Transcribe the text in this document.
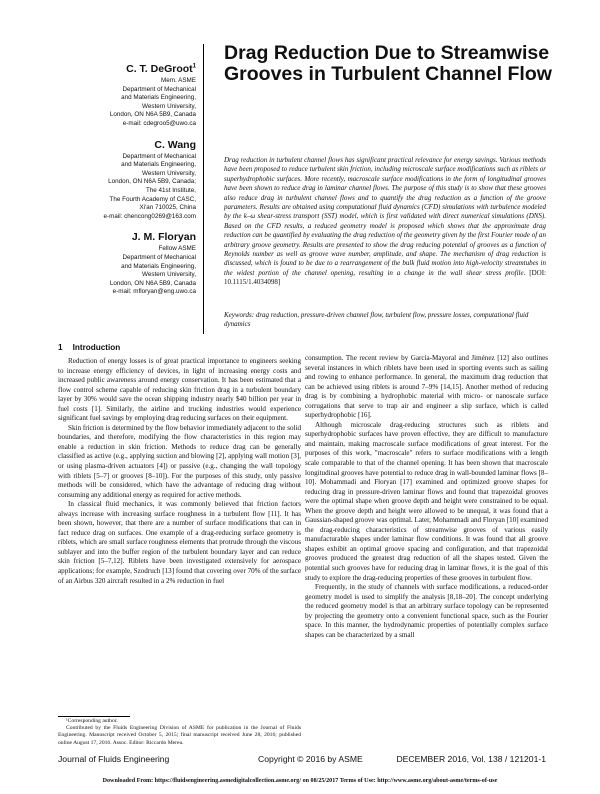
C. T. DeGroot$^1$

Mem. ASME
Department of Mechanical
and Materials Engineering,
Western University,
London, ON N6A 5B9, Canada
e-mail: cdegroo5@uwo.ca

C. Wang

Department of Mechanical
and Materials Engineering,
Western University,
London, ON N6A 5B9, Canada;
The 41st Institute,
The Fourth Academy of CASC,
Xi'an 710025, China
e-mail: chencong0269@163.com

J. M. Floryan

Fellow ASME
Department of Mechanical
and Materials Engineering,
Western University,
London, ON N6A 5B9, Canada
e-mail: mfloryan@eng.uwo.ca

Drag Reduction Due to Streamwise Grooves in Turbulent Channel Flow

Drag reduction in turbulent channel flows has significant practical relevance for energy savings. Various methods have been proposed to reduce turbulent skin friction, including microscale surface modifications such as riblets or superhydrophobic surfaces. More recently, macroscale surface modifications in the form of longitudinal grooves have been shown to reduce drag in laminar channel flows. The purpose of this study is to show that these grooves also reduce drag in turbulent channel flows and to quantify the drag reduction as a function of the groove parameters. Results are obtained using computational fluid dynamics (CFD) simulations with turbulence modeled by the k–ω shear-stress transport (SST) model, which is first validated with direct numerical simulations (DNS). Based on the CFD results, a reduced geometry model is proposed which shows that the approximate drag reduction can be quantified by evaluating the drag reduction of the geometry given by the first Fourier mode of an arbitrary groove geometry. Results are presented to show the drag reducing potential of grooves as a function of Reynolds number as well as groove wave number, amplitude, and shape. The mechanism of drag reduction is discussed, which is found to be due to a rearrangement of the bulk fluid motion into high-velocity streamtubes in the widest portion of the channel opening, resulting in a change in the wall shear stress profile. [DOI: 10.1115/1.4034098]

Keywords: drag reduction, pressure-driven channel flow, turbulent flow, pressure losses, computational fluid dynamics

1 Introduction

Reduction of energy losses is of great practical importance to engineers seeking to increase energy efficiency of devices, in light of increasing energy costs and increased public awareness around energy conservation. It has been estimated that a flow control scheme capable of reducing skin friction drag in a turbulent boundary layer by 30% would save the ocean shipping industry nearly $40 billion per year in fuel costs [1]. Similarly, the airline and trucking industries would experience significant fuel savings by employing drag reducing surfaces on their equipment.

Skin friction is determined by the flow behavior immediately adjacent to the solid boundaries, and therefore, modifying the flow characteristics in this region may enable a reduction in skin friction. Methods to reduce drag can be generally classified as active (e.g., applying suction and blowing [2], applying wall motion [3], or using plasma-driven actuators [4]) or passive (e.g., changing the wall topology with riblets [5–7] or grooves [8–10]). For the purposes of this study, only passive methods will be considered, which have the advantage of reducing drag without consuming any additional energy as required for active methods.

In classical fluid mechanics, it was commonly believed that friction factors always increase with increasing surface roughness in a turbulent flow [11]. It has been shown, however, that there are a number of surface modifications that can in fact reduce drag on surfaces. One example of a drag-reducing surface geometry is riblets, which are small surface roughness elements that protrude through the viscous sublayer and into the buffer region of the turbulent boundary layer and can reduce skin friction [5–7,12]. Riblets have been investigated extensively for aerospace applications; for example, Szodruch [13] found that covering over 70% of the surface of an Airbus 320 aircraft resulted in a 2% reduction in fuel

consumption. The recent review by García-Mayoral and Jiménez [12] also outlines several instances in which riblets have been used in sporting events such as sailing and rowing to enhance performance. In general, the maximum drag reduction that can be achieved using riblets is around 7–9% [14,15]. Another method of reducing drag is by combining a hydrophobic material with micro- or nanoscale surface corrugations that serve to trap air and engineer a slip surface, which is called superhydrophobic [16].

Although microscale drag-reducing structures such as riblets and superhydrophobic surfaces have proven effective, they are difficult to manufacture and maintain, making macroscale surface modifications of great interest. For the purposes of this work, "macroscale" refers to surface modifications with a length scale comparable to that of the channel opening. It has been shown that macroscale longitudinal grooves have potential to reduce drag in wall-bounded laminar flows [8–10]. Mohammadi and Floryan [17] examined and optimized groove shapes for reducing drag in pressure-driven laminar flows and found that trapezoidal grooves were the optimal shape when groove depth and height were constrained to be equal. When the groove depth and height were allowed to be unequal, it was found that a Gaussian-shaped groove was optimal. Later, Mohammadi and Floryan [10] examined the drag-reducing characteristics of streamwise grooves of various easily manufacturable shapes under laminar flow conditions. It was found that all groove shapes exhibit an optimal groove spacing and configuration, and that trapezoidal grooves produced the greatest drag reduction of all the shapes tested. Given the potential such grooves have for reducing drag in laminar flows, it is the goal of this study to explore the drag-reducing properties of these grooves in turbulent flow.

Frequently, in the study of channels with surface modifications, a reduced-order geometry model is used to simplify the analysis [8,18–20]. The concept underlying the reduced geometry model is that an arbitrary surface topology can be represented by projecting the geometry onto a convenient functional space, such as the Fourier space. In this manner, the hydrodynamic properties of potentially complex surface shapes can be characterized by a small

¹Corresponding author.

Contributed by the Fluids Engineering Division of ASME for publication in the Journal of Fluids Engineering. Manuscript received October 5, 2015; final manuscript received June 28, 2016; published online August 17, 2016. Assoc. Editor: Riccardo Mereu.

Journal of Fluids Engineering	Copyright © 2016 by ASME	DECEMBER 2016, Vol. 138 / 121201-1
Downloaded From: https://fluidsengineering.asmedigitalcollection.asme.org/ on 08/25/2017 Terms of Use: http://www.asme.org/about-asme/terms-of-use
